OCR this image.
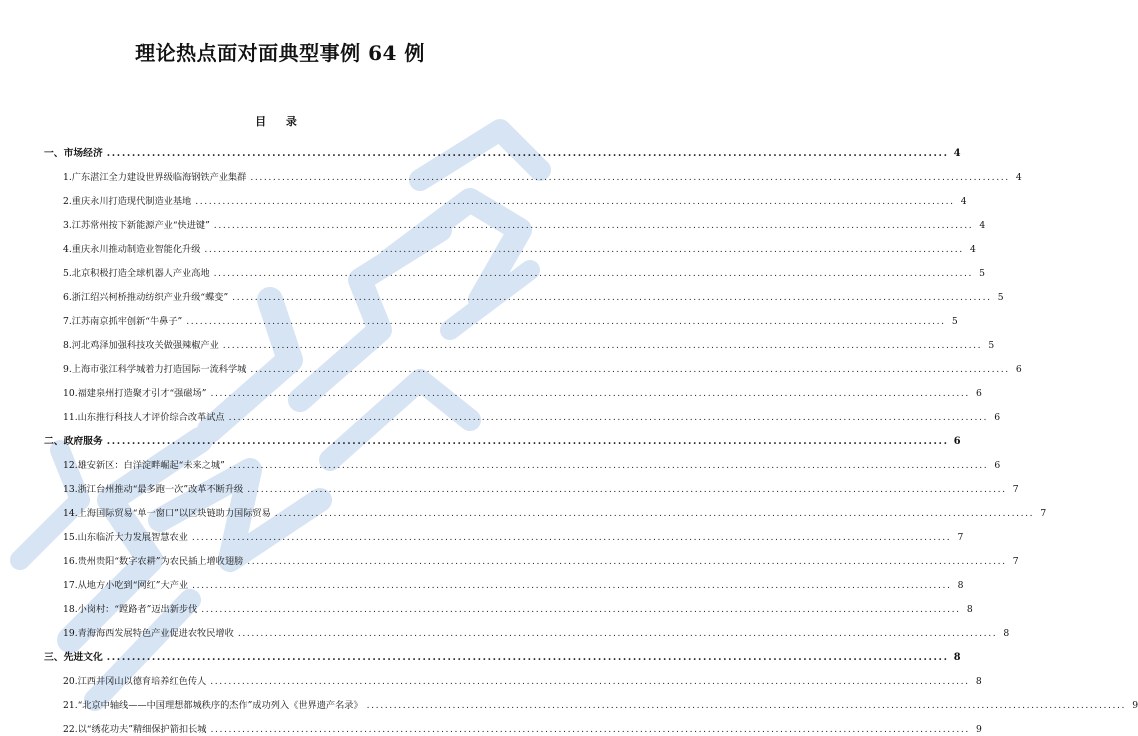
理论热点面对面典型事例 64 例
目 录
一、市场经济 .....	4
1.广东湛江全力建设世界级临海钢铁产业集群 .....	4
2.重庆永川打造现代制造业基地 .....	4
3.江苏常州按下新能源产业“快进键” .....	4
4.重庆永川推动制造业智能化升级 .....	4
5.北京积极打造全球机器人产业高地 .....	5
6.浙江绍兴柯桥推动纺织产业升级“蝶变” .....	5
7.江苏南京抓牢创新“牛鼻子” .....	5
8.河北鸡泽加强科技攻关做强辣椒产业 .....	5
9.上海市张江科学城着力打造国际一流科学城 .....	6
10.福建泉州打造聚才引才“强磁场” .....	6
11.山东推行科技人才评价综合改革试点 .....	6
二、政府服务 .....	6
12.雄安新区：白洋淀畔崛起“未来之城” .....	6
13.浙江台州推动“最多跑一次”改革不断升级 .....	7
14.上海国际贸易“单一窗口”以区块链助力国际贸易 .....	7
15.山东临沂大力发展智慧农业 .....	7
16.贵州贵阳“数字农耕”为农民插上增收翅膀 .....	7
17.从地方小吃到“网红”大产业 .....	8
18.小岗村：“蹚路者”迈出新步伐 .....	8
19.青海海西发展特色产业促进农牧民增收 .....	8
三、先进文化 .....	8
20.江西井冈山以德育培养红色传人 .....	8
21.“北京中轴线——中国理想都城秩序的杰作”成功列入《世界遗产名录》 .....	9
22.以“绣花功夫”精细保护箭扣长城 .....	9
